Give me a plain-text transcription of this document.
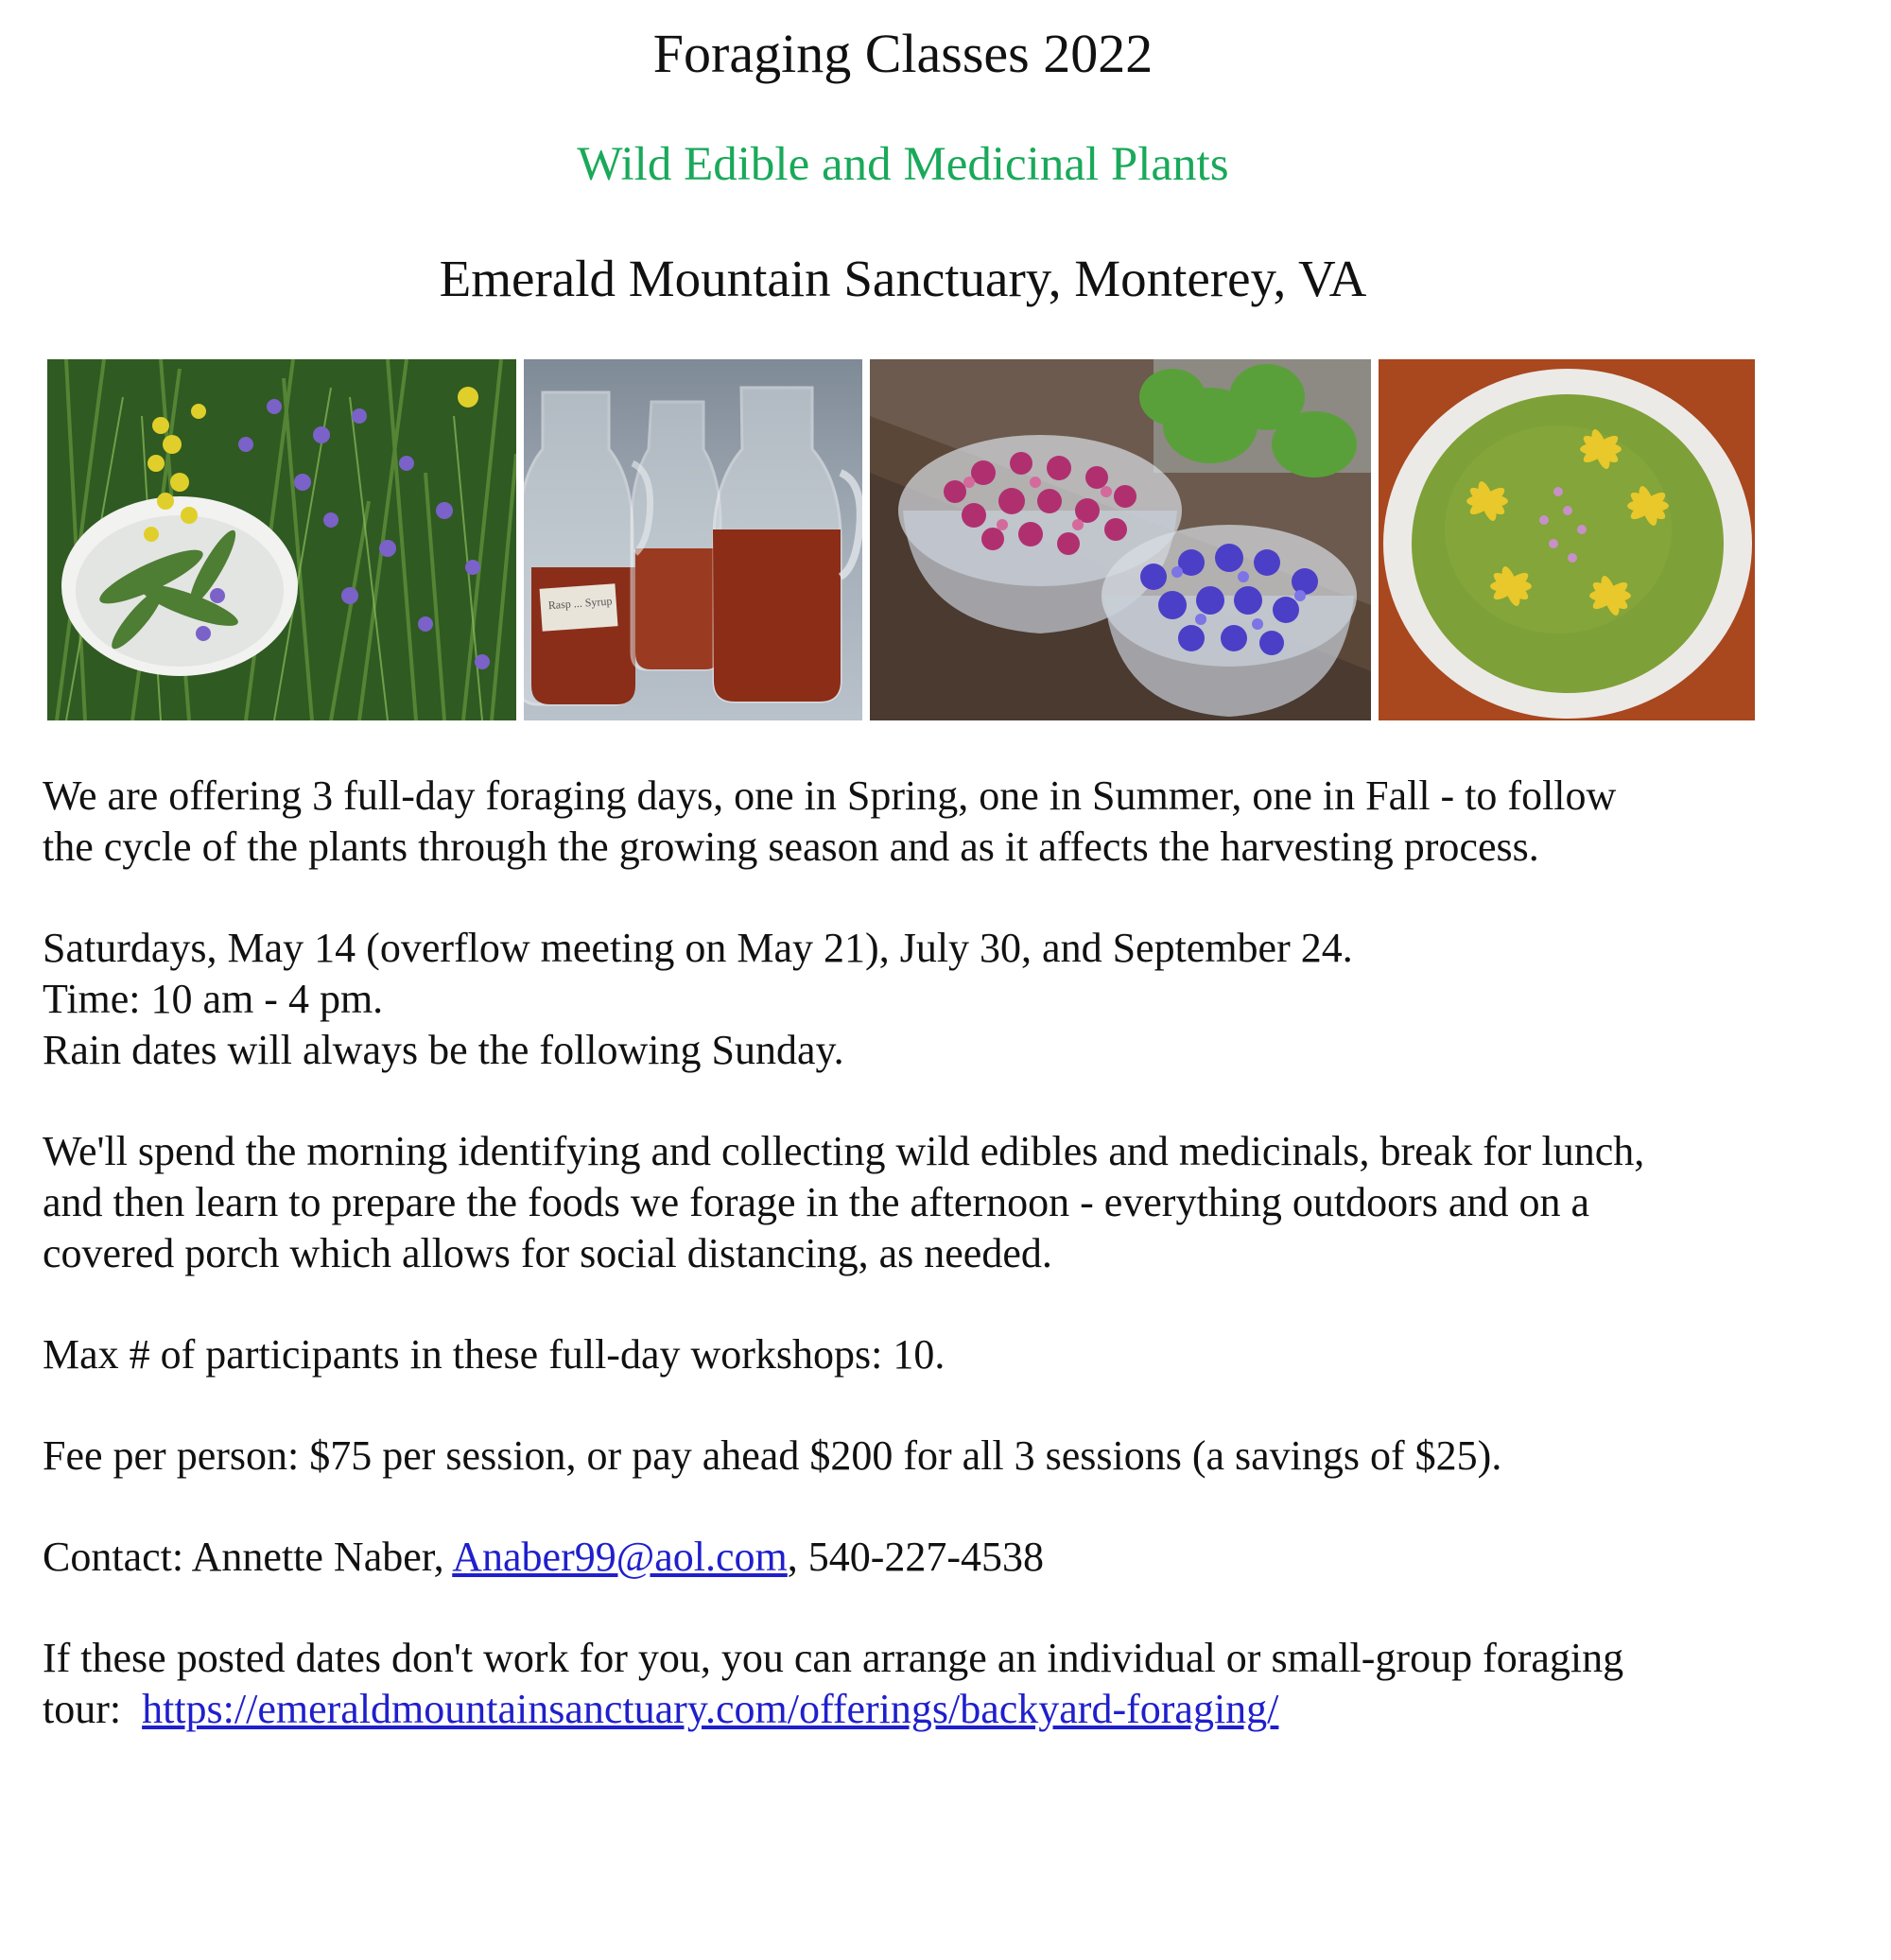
Foraging Classes 2022
Wild Edible and Medicinal Plants
Emerald Mountain Sanctuary, Monterey, VA
Rasp ... Syrup

We are offering 3 full-day foraging days, one in Spring, one in Summer, one in Fall - to follow
the cycle of the plants through the growing season and as it affects the harvesting process.

Saturdays, May 14 (overflow meeting on May 21), July 30, and September 24.
Time: 10 am - 4 pm.
Rain dates will always be the following Sunday.

We'll spend the morning identifying and collecting wild edibles and medicinals, break for lunch,
and then learn to prepare the foods we forage in the afternoon - everything outdoors and on a
covered porch which allows for social distancing, as needed.

Max # of participants in these full-day workshops: 10.

Fee per person: $75 per session, or pay ahead $200 for all 3 sessions (a savings of $25).

Contact: Annette Naber, Anaber99@aol.com, 540-227-4538

If these posted dates don't work for you, you can arrange an individual or small-group foraging
tour:  https://emeraldmountainsanctuary.com/offerings/backyard-foraging/
